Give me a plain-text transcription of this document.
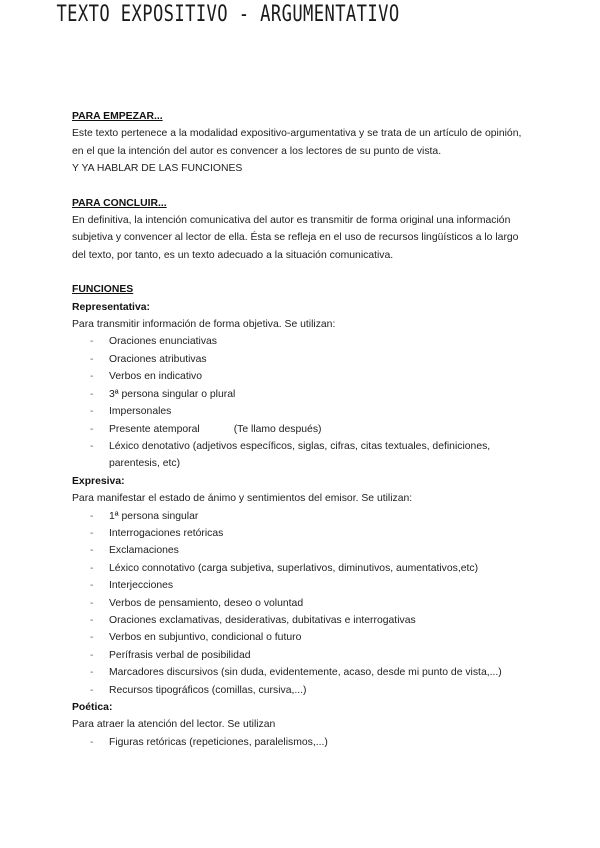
TEXTO EXPOSITIVO - ARGUMENTATIVO

PARA EMPEZAR...

Este texto pertenece a la modalidad expositivo-argumentativa y se trata de un artículo de opinión,

en el que la intención del autor es convencer a los lectores de su punto de vista.

Y YA HABLAR DE LAS FUNCIONES

PARA CONCLUIR...

En definitiva, la intención comunicativa del autor es transmitir de forma original una información

subjetiva y convencer al lector de ella. Ésta se refleja en el uso de recursos lingüísticos a lo largo

del texto, por tanto, es un texto adecuado a la situación comunicativa.

FUNCIONES

Representativa:

Para transmitir información de forma objetiva. Se utilizan:

- Oraciones enunciativas
- Oraciones atributivas
- Verbos en indicativo
- 3ª persona singular o plural
- Impersonales
- Presente atemporal	(Te llamo después)
- Léxico denotativo (adjetivos específicos, siglas, cifras, citas textuales, definiciones,
parentesis, etc)

Expresiva:

Para manifestar el estado de ánimo y sentimientos del emisor. Se utilizan:

- 1ª persona singular
- Interrogaciones retóricas
- Exclamaciones
- Léxico connotativo (carga subjetiva, superlativos, diminutivos, aumentativos,etc)
- Interjecciones
- Verbos de pensamiento, deseo o voluntad
- Oraciones exclamativas, desiderativas, dubitativas e interrogativas
- Verbos en subjuntivo, condicional o futuro
- Perífrasis verbal de posibilidad
- Marcadores discursivos (sin duda, evidentemente, acaso, desde mi punto de vista,...)
- Recursos tipográficos (comillas, cursiva,...)

Poética:

Para atraer la atención del lector. Se utilizan

- Figuras retóricas (repeticiones, paralelismos,...)
